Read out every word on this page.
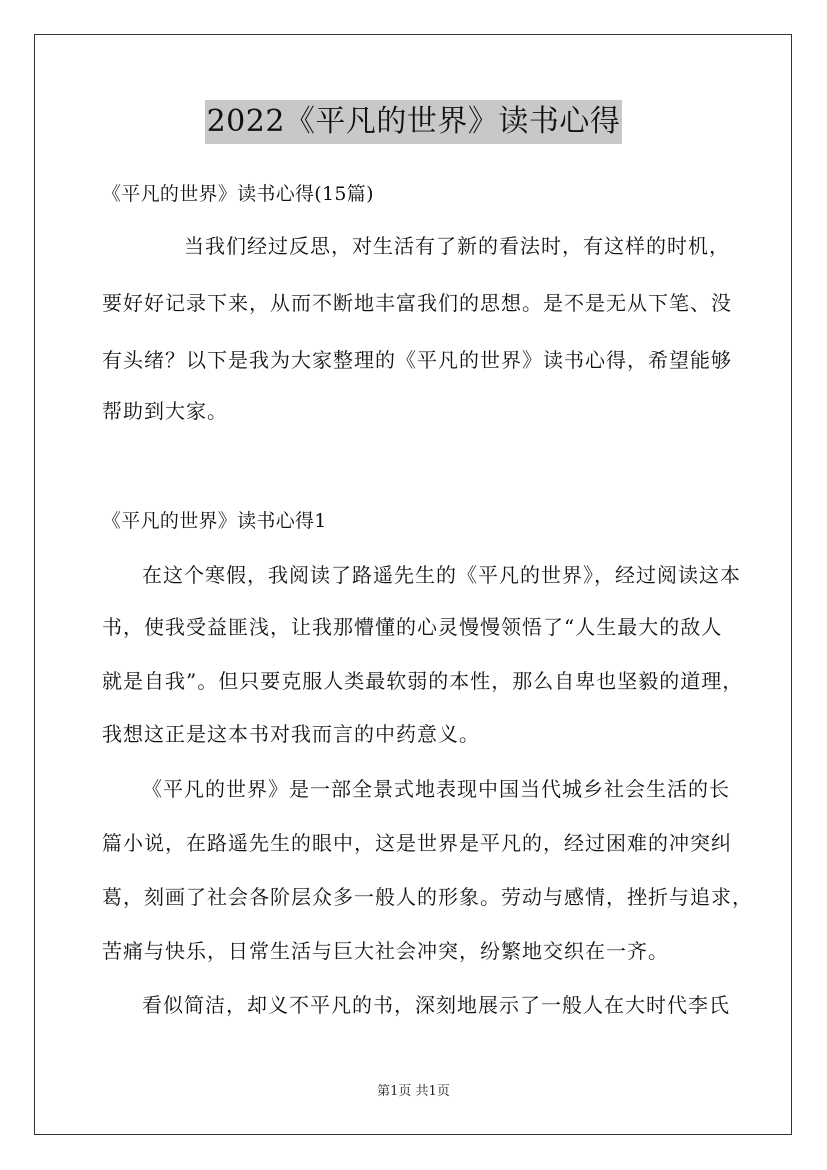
2022《平凡的世界》读书心得
《平凡的世界》读书心得(15篇)
当我们经过反思，对生活有了新的看法时，有这样的时机，
要好好记录下来，从而不断地丰富我们的思想。是不是无从下笔、没
有头绪？以下是我为大家整理的《平凡的世界》读书心得，希望能够
帮助到大家。
《平凡的世界》读书心得1
在这个寒假，我阅读了路遥先生的《平凡的世界》，经过阅读这本
书，使我受益匪浅，让我那懵懂的心灵慢慢领悟了“人生最大的敌人
就是自我”。但只要克服人类最软弱的本性，那么自卑也坚毅的道理，
我想这正是这本书对我而言的中药意义。
《平凡的世界》是一部全景式地表现中国当代城乡社会生活的长
篇小说，在路遥先生的眼中，这是世界是平凡的，经过困难的冲突纠
葛，刻画了社会各阶层众多一般人的形象。劳动与感情，挫折与追求，
苦痛与快乐，日常生活与巨大社会冲突，纷繁地交织在一齐。
看似简洁，却义不平凡的书，深刻地展示了一般人在大时代李氏
第1页 共1页
